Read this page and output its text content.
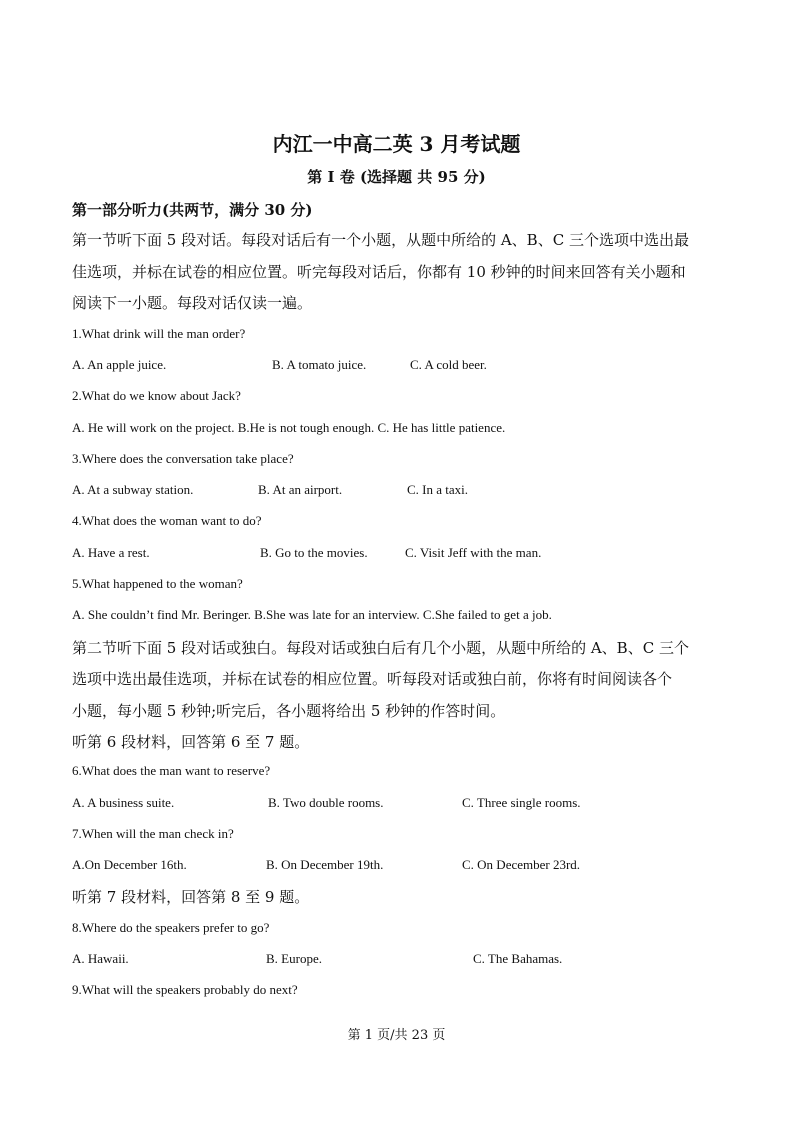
内江一中高二英 3 月考试题
第 I 卷 (选择题 共 95 分)
第一部分听力(共两节，满分 30 分)
第一节听下面 5 段对话。每段对话后有一个小题，从题中所给的 A、B、C 三个选项中选出最
佳选项，并标在试卷的相应位置。听完每段对话后，你都有 10 秒钟的时间来回答有关小题和
阅读下一小题。每段对话仅读一遍。
1.What drink will the man order?
A. An apple juice.	B. A tomato juice.	C. A cold beer.
2.What do we know about Jack?
A. He will work on the project. B.He is not tough enough. C. He has little patience.
3.Where does the conversation take place?
A. At a subway station.	B. At an airport.	C. In a taxi.
4.What does the woman want to do?
A. Have a rest.	B. Go to the movies.	C. Visit Jeff with the man.
5.What happened to the woman?
A. She couldn’t find Mr. Beringer. B.She was late for an interview. C.She failed to get a job.
第二节听下面 5 段对话或独白。每段对话或独白后有几个小题，从题中所给的 A、B、C 三个
选项中选出最佳选项，并标在试卷的相应位置。听每段对话或独白前，你将有时间阅读各个
小题，每小题 5 秒钟;听完后，各小题将给出 5 秒钟的作答时间。
听第 6 段材料，回答第 6 至 7 题。
6.What does the man want to reserve?
A. A business suite.	B. Two double rooms.	C. Three single rooms.
7.When will the man check in?
A.On December 16th.	B. On December 19th.	C. On December 23rd.
听第 7 段材料，回答第 8 至 9 题。
8.Where do the speakers prefer to go?
A. Hawaii.	B. Europe.	C. The Bahamas.
9.What will the speakers probably do next?
第 1 页/共 23 页
